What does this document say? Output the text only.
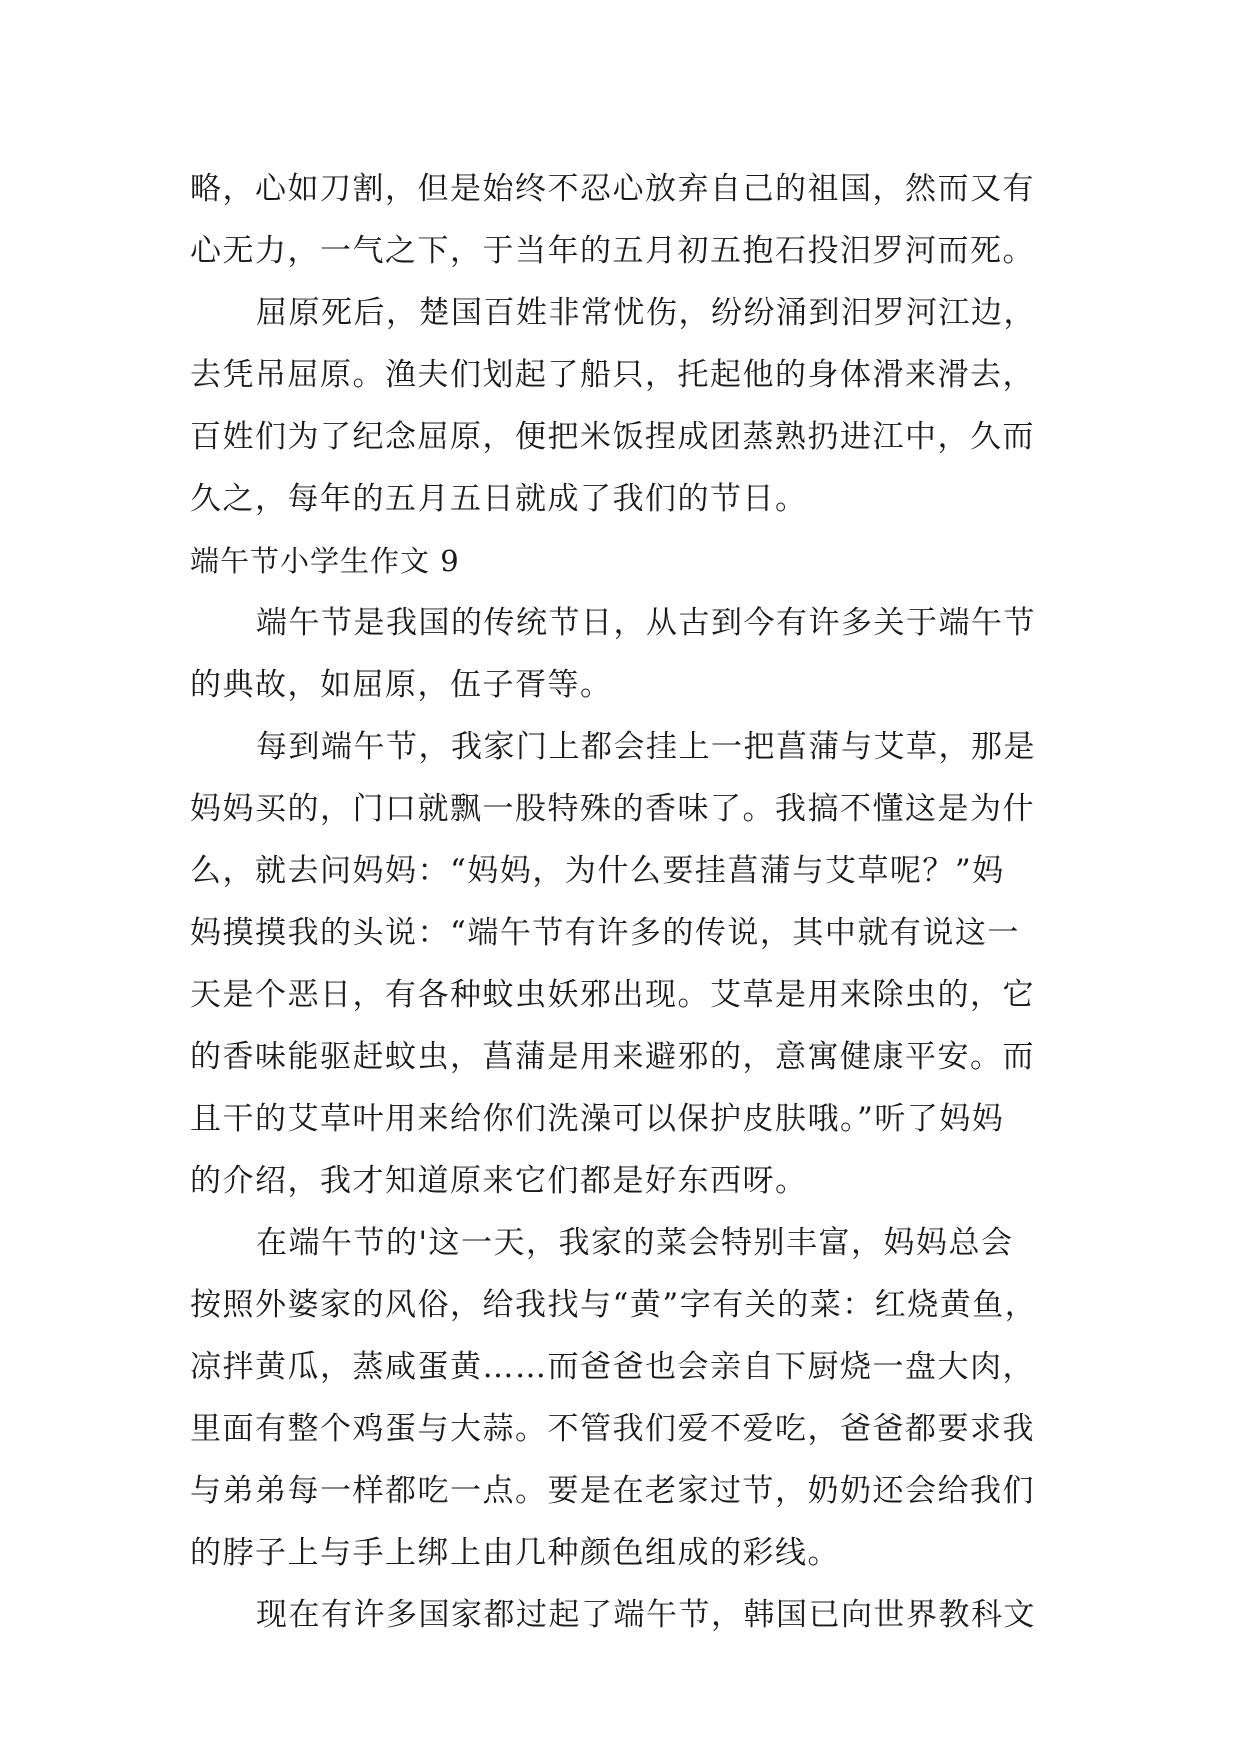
略，心如刀割，但是始终不忍心放弃自己的祖国，然而又有
心无力，一气之下，于当年的五月初五抱石投汨罗河而死。
屈原死后，楚国百姓非常忧伤，纷纷涌到汨罗河江边，
去凭吊屈原。渔夫们划起了船只，托起他的身体滑来滑去，
百姓们为了纪念屈原，便把米饭捏成团蒸熟扔进江中，久而
久之，每年的五月五日就成了我们的节日。
端午节小学生作文 9
端午节是我国的传统节日，从古到今有许多关于端午节
的典故，如屈原，伍子胥等。
每到端午节，我家门上都会挂上一把菖蒲与艾草，那是
妈妈买的，门口就飘一股特殊的香味了。我搞不懂这是为什
么，就去问妈妈：“妈妈，为什么要挂菖蒲与艾草呢？”妈
妈摸摸我的头说：“端午节有许多的传说，其中就有说这一
天是个恶日，有各种蚊虫妖邪出现。艾草是用来除虫的，它
的香味能驱赶蚊虫，菖蒲是用来避邪的，意寓健康平安。而
且干的艾草叶用来给你们洗澡可以保护皮肤哦。”听了妈妈
的介绍，我才知道原来它们都是好东西呀。
在端午节的'这一天，我家的菜会特别丰富，妈妈总会
按照外婆家的风俗，给我找与“黄”字有关的菜：红烧黄鱼，
凉拌黄瓜，蒸咸蛋黄……而爸爸也会亲自下厨烧一盘大肉，
里面有整个鸡蛋与大蒜。不管我们爱不爱吃，爸爸都要求我
与弟弟每一样都吃一点。要是在老家过节，奶奶还会给我们
的脖子上与手上绑上由几种颜色组成的彩线。
现在有许多国家都过起了端午节，韩国已向世界教科文
